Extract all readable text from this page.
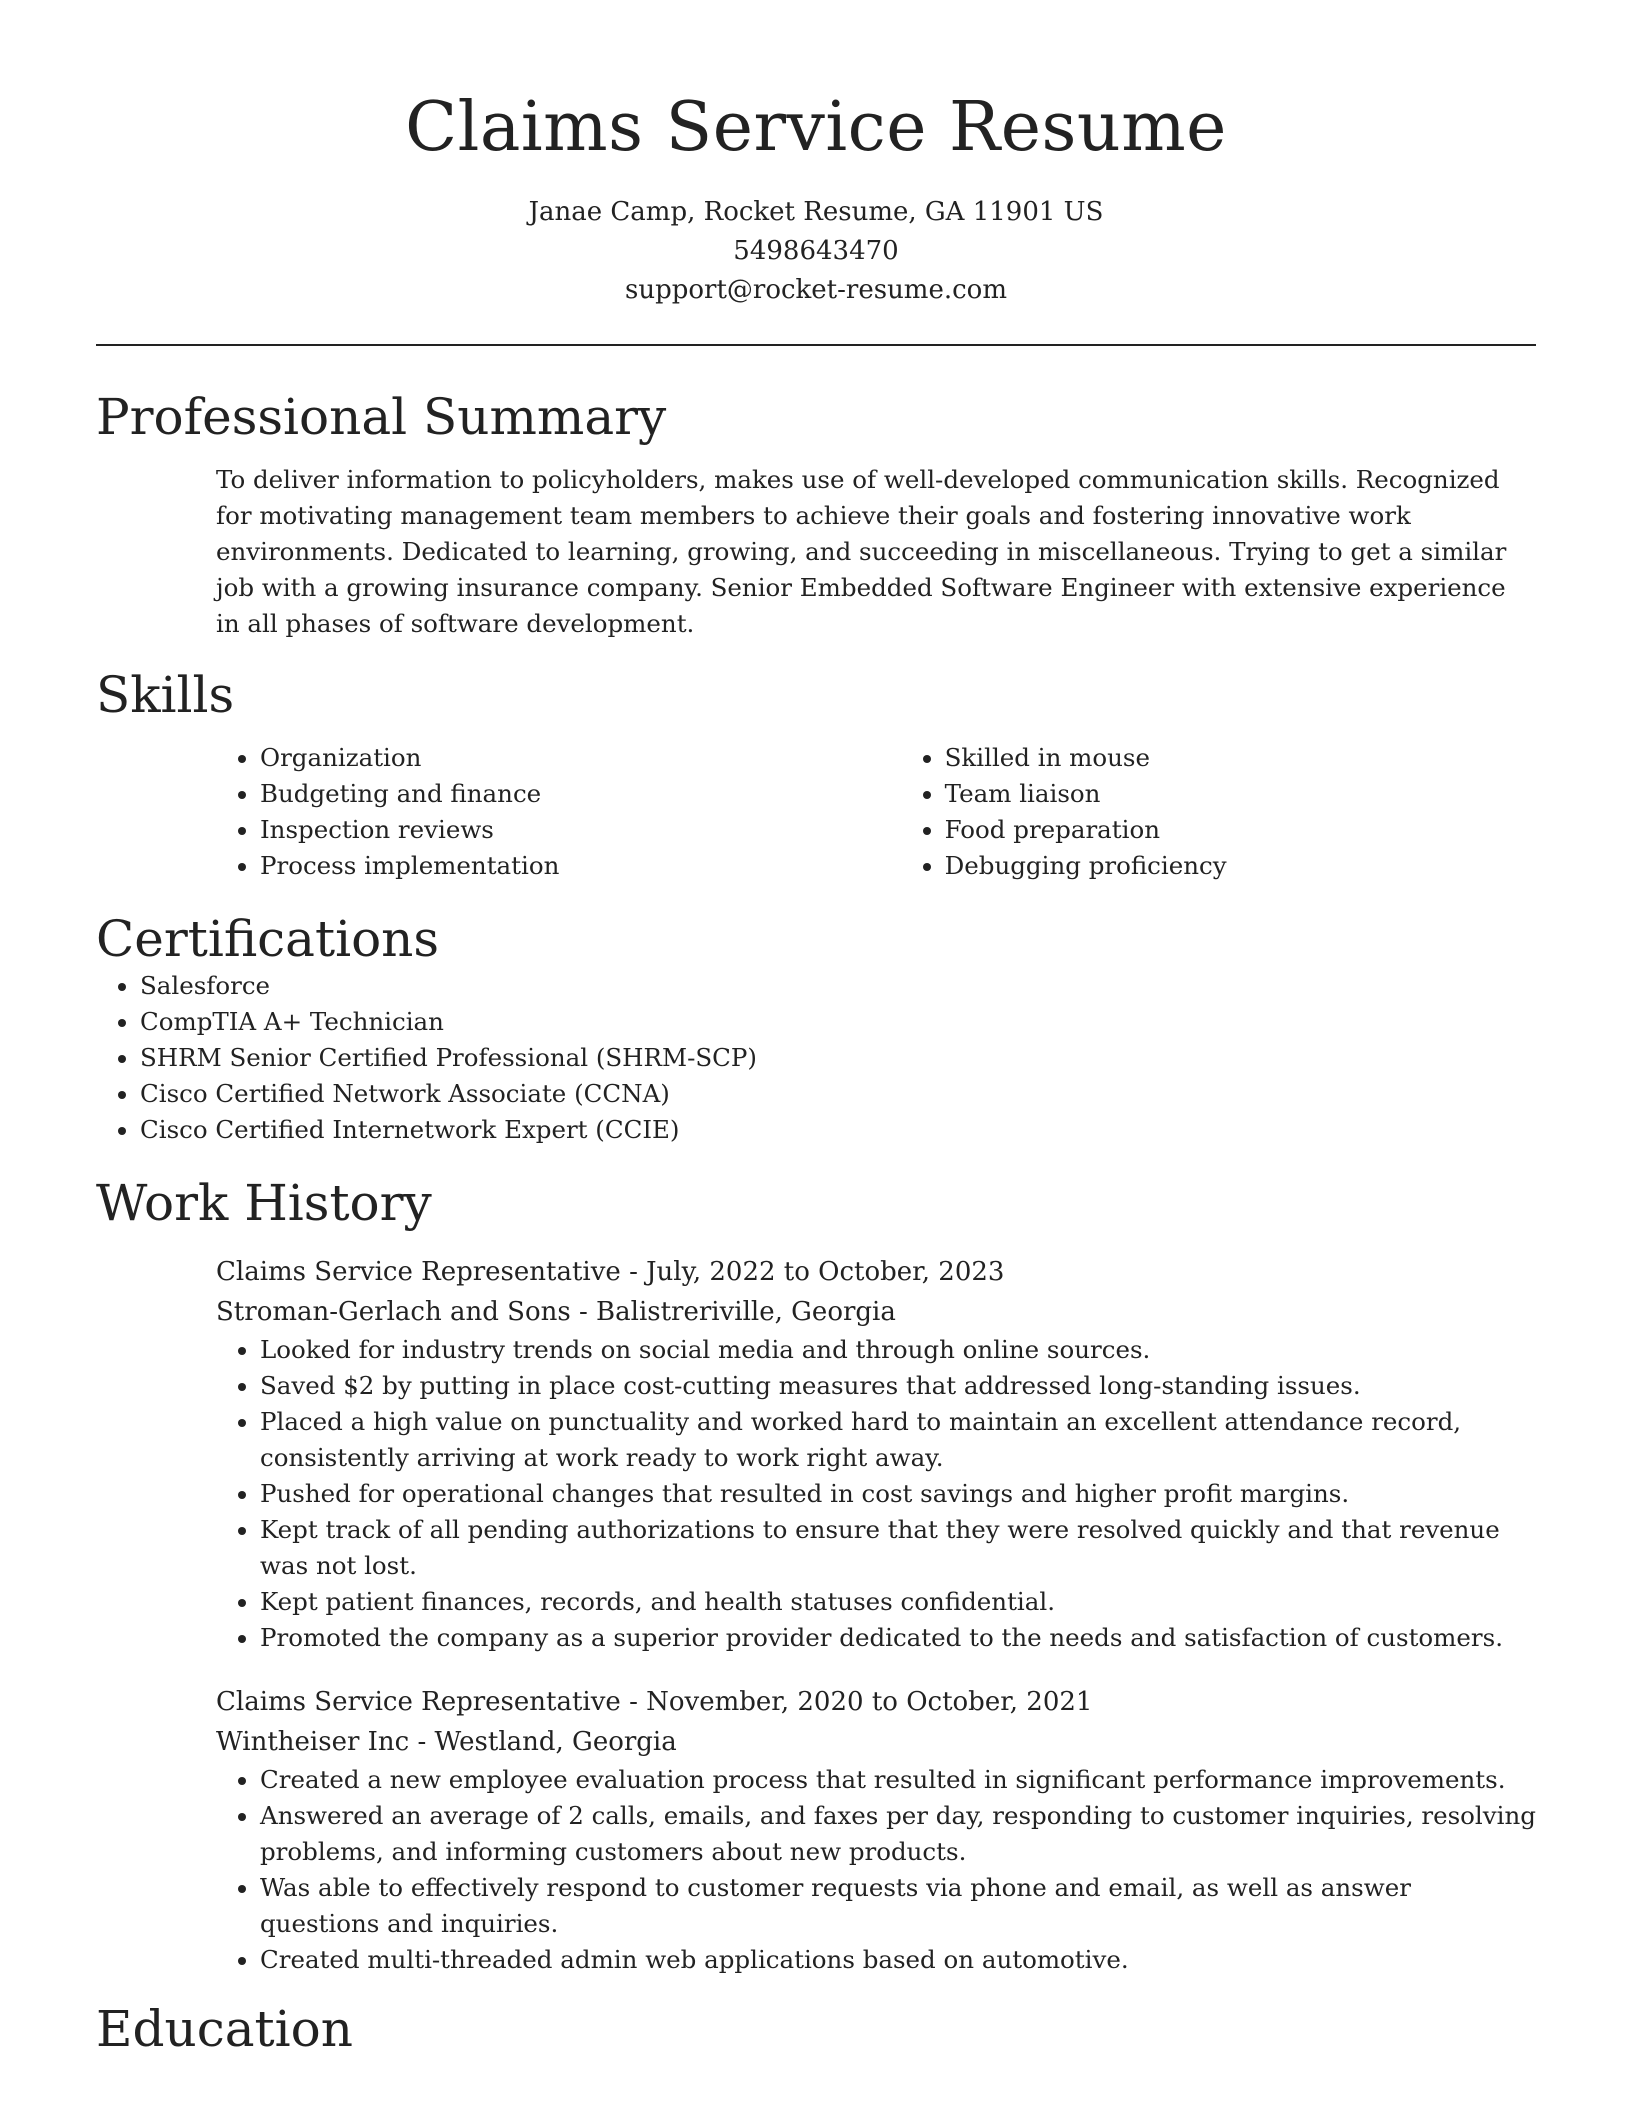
Claims Service Resume
Janae Camp, Rocket Resume, GA 11901 US
5498643470
support@rocket-resume.com
Professional Summary

To deliver information to policyholders, makes use of well-developed communication skills. Recognized for motivating management team members to achieve their goals and fostering innovative work environments. Dedicated to learning, growing, and succeeding in miscellaneous. Trying to get a similar job with a growing insurance company. Senior Embedded Software Engineer with extensive experience in all phases of software development.

Skills
• Organization
• Budgeting and finance
• Inspection reviews
• Process implementation
• Skilled in mouse
• Team liaison
• Food preparation
• Debugging proficiency
Certifications
• Salesforce
• CompTIA A+ Technician
• SHRM Senior Certified Professional (SHRM-SCP)
• Cisco Certified Network Associate (CCNA)
• Cisco Certified Internetwork Expert (CCIE)
Work History
Claims Service Representative - July, 2022 to October, 2023
Stroman-Gerlach and Sons - Balistreriville, Georgia
• Looked for industry trends on social media and through online sources.
• Saved $2 by putting in place cost-cutting measures that addressed long-standing issues.
• Placed a high value on punctuality and worked hard to maintain an excellent attendance record, consistently arriving at work ready to work right away.
• Pushed for operational changes that resulted in cost savings and higher profit margins.
• Kept track of all pending authorizations to ensure that they were resolved quickly and that revenue was not lost.
• Kept patient finances, records, and health statuses confidential.
• Promoted the company as a superior provider dedicated to the needs and satisfaction of customers.
Claims Service Representative - November, 2020 to October, 2021
Wintheiser Inc - Westland, Georgia
• Created a new employee evaluation process that resulted in significant performance improvements.
• Answered an average of 2 calls, emails, and faxes per day, responding to customer inquiries, resolving problems, and informing customers about new products.
• Was able to effectively respond to customer requests via phone and email, as well as answer questions and inquiries.
• Created multi-threaded admin web applications based on automotive.
Education
